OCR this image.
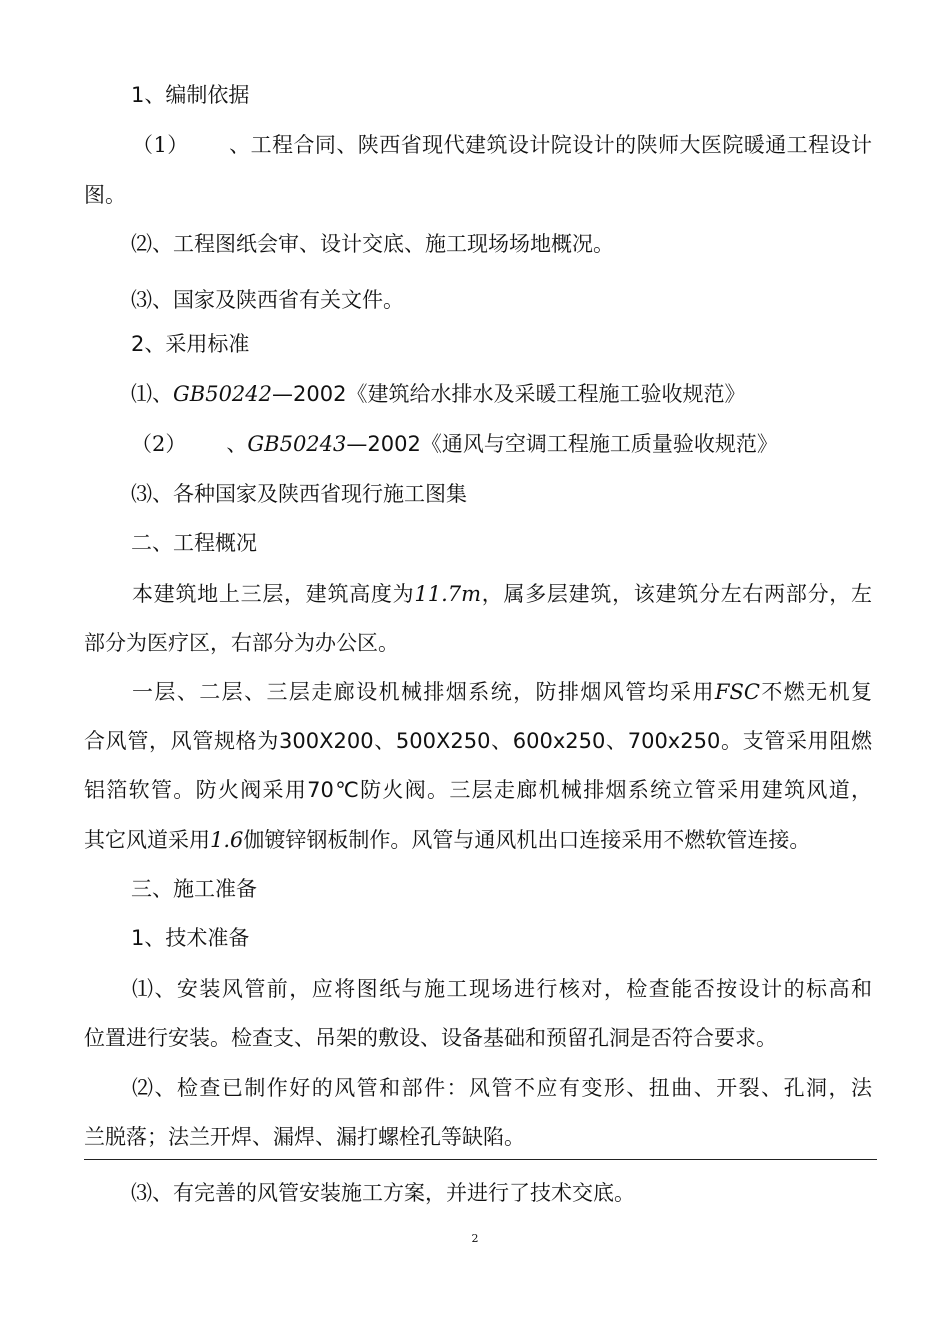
1、编制依据
（1） 、工程合同、陕西省现代建筑设计院设计的陕师大医院暖通工程设计
图。
⑵、工程图纸会审、设计交底、施工现场场地概况。
⑶、国家及陕西省有关文件。
2、采用标准
⑴、GB50242—2002《建筑给水排水及采暖工程施工验收规范》
（2） 、GB50243—2002《通风与空调工程施工质量验收规范》
⑶、各种国家及陕西省现行施工图集
二、工程概况
本建筑地上三层，建筑高度为11.7m，属多层建筑，该建筑分左右两部分，左
部分为医疗区，右部分为办公区。
一层、二层、三层走廊设机械排烟系统，防排烟风管均采用FSC不燃无机复
合风管，风管规格为300X200、500X250、600x250、700x250。支管采用阻燃
铝箔软管。防火阀采用70℃防火阀。三层走廊机械排烟系统立管采用建筑风道，
其它风道采用1.6伽镀锌钢板制作。风管与通风机出口连接采用不燃软管连接。
三、施工准备
1、技术准备
⑴、安装风管前，应将图纸与施工现场进行核对，检查能否按设计的标高和
位置进行安装。检查支、吊架的敷设、设备基础和预留孔洞是否符合要求。
⑵、检查已制作好的风管和部件：风管不应有变形、扭曲、开裂、孔洞，法
兰脱落；法兰开焊、漏焊、漏打螺栓孔等缺陷。
⑶、有完善的风管安装施工方案，并进行了技术交底。
2
